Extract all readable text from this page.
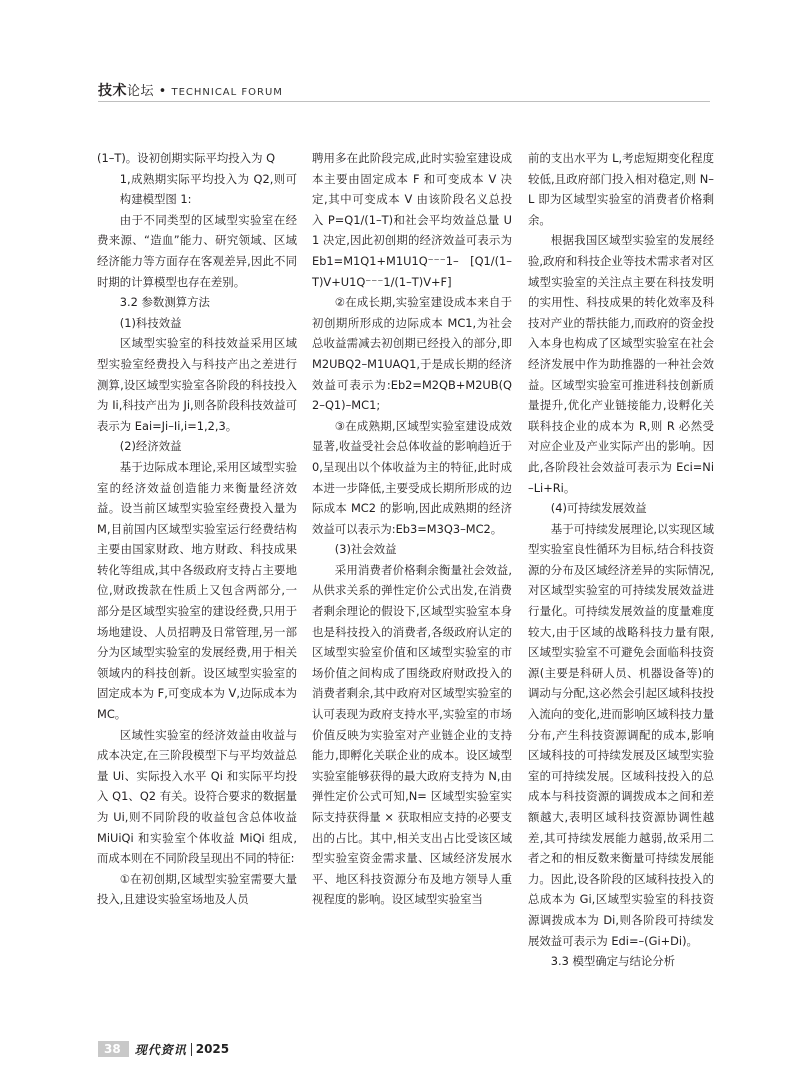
技术论坛 • TECHNICAL FORUM

(1–T)。设初创期实际平均投入为 Q

1,成熟期实际平均投入为 Q2,则可构建模型图 1:

由于不同类型的区域型实验室在经费来源、“造血”能力、研究领域、区域经济能力等方面存在客观差异,因此不同时期的计算模型也存在差别。

3.2 参数测算方法

(1)科技效益

区域型实验室的科技效益采用区域型实验室经费投入与科技产出之差进行测算,设区域型实验室各阶段的科技投入为 Ii,科技产出为 Ji,则各阶段科技效益可表示为 Eai=Ji–Ii,i=1,2,3。

(2)经济效益

基于边际成本理论,采用区域型实验室的经济效益创造能力来衡量经济效益。设当前区域型实验室经费投入量为 M,目前国内区域型实验室运行经费结构主要由国家财政、地方财政、科技成果转化等组成,其中各级政府支持占主要地位,财政拨款在性质上又包含两部分,一部分是区域型实验室的建设经费,只用于场地建设、人员招聘及日常管理,另一部分为区域型实验室的发展经费,用于相关领域内的科技创新。设区域型实验室的固定成本为 F,可变成本为 V,边际成本为 MC。

区域性实验室的经济效益由收益与成本决定,在三阶段模型下与平均效益总量 Ui、实际投入水平 Qi 和实际平均投入 Q1、Q2 有关。设符合要求的数据量为 Ui,则不同阶段的收益包含总体收益 MiUiQi 和实验室个体收益 MiQi 组成,而成本则在不同阶段呈现出不同的特征:

①在初创期,区域型实验室需要大量投入,且建设实验室场地及人员

聘用多在此阶段完成,此时实验室建设成本主要由固定成本 F 和可变成本 V 决定,其中可变成本 V 由该阶段名义总投入 P=Q1/(1–T)和社会平均效益总量 U1 决定,因此初创期的经济效益可表示为Eb1=M1Q1+M1U1Q⁻⁻⁻1– [Q1/(1–T)V+U1Q⁻⁻⁻1/(1–T)V+F]

②在成长期,实验室建设成本来自于初创期所形成的边际成本 MC1,为社会总收益需减去初创期已经投入的部分,即 M2UBQ2–M1UAQ1,于是成长期的经济效益可表示为:Eb2=M2QB+M2UB(Q2–Q1)–MC1;

③在成熟期,区域型实验室建设成效显著,收益受社会总体收益的影响趋近于 0,呈现出以个体收益为主的特征,此时成本进一步降低,主要受成长期所形成的边际成本 MC2 的影响,因此成熟期的经济效益可以表示为:Eb3=M3Q3–MC2。

(3)社会效益

采用消费者价格剩余衡量社会效益,从供求关系的弹性定价公式出发,在消费者剩余理论的假设下,区域型实验室本身也是科技投入的消费者,各级政府认定的区域型实验室价值和区域型实验室的市场价值之间构成了围绕政府财政投入的消费者剩余,其中政府对区域型实验室的认可表现为政府支持水平,实验室的市场价值反映为实验室对产业链企业的支持能力,即孵化关联企业的成本。设区域型实验室能够获得的最大政府支持为 N,由弹性定价公式可知,N= 区域型实验室实际支持获得量 × 获取相应支持的必要支出的占比。其中,相关支出占比受该区域型实验室资金需求量、区域经济发展水平、地区科技资源分布及地方领导人重视程度的影响。设区域型实验室当

前的支出水平为 L,考虑短期变化程度较低,且政府部门投入相对稳定,则 N–L 即为区域型实验室的消费者价格剩余。

根据我国区域型实验室的发展经验,政府和科技企业等技术需求者对区域型实验室的关注点主要在科技发明的实用性、科技成果的转化效率及科技对产业的帮扶能力,而政府的资金投入本身也构成了区域型实验室在社会经济发展中作为助推器的一种社会效益。区域型实验室可推进科技创新质量提升,优化产业链接能力,设孵化关联科技企业的成本为 R,则 R 必然受对应企业及产业实际产出的影响。因此,各阶段社会效益可表示为 Eci=Ni–Li+Ri。

(4)可持续发展效益

基于可持续发展理论,以实现区域型实验室良性循环为目标,结合科技资源的分布及区域经济差异的实际情况,对区域型实验室的可持续发展效益进行量化。可持续发展效益的度量难度较大,由于区域的战略科技力量有限,区域型实验室不可避免会面临科技资源(主要是科研人员、机器设备等)的调动与分配,这必然会引起区域科技投入流向的变化,进而影响区域科技力量分布,产生科技资源调配的成本,影响区域科技的可持续发展及区域型实验室的可持续发展。区域科技投入的总成本与科技资源的调拨成本之间和差额越大,表明区域科技资源协调性越差,其可持续发展能力越弱,故采用二者之和的相反数来衡量可持续发展能力。因此,设各阶段的区域科技投入的总成本为 Gi,区域型实验室的科技资源调拨成本为 Di,则各阶段可持续发展效益可表示为 Edi=–(Gi+Di)。

3.3 模型确定与结论分析

38	现代资讯 2025
